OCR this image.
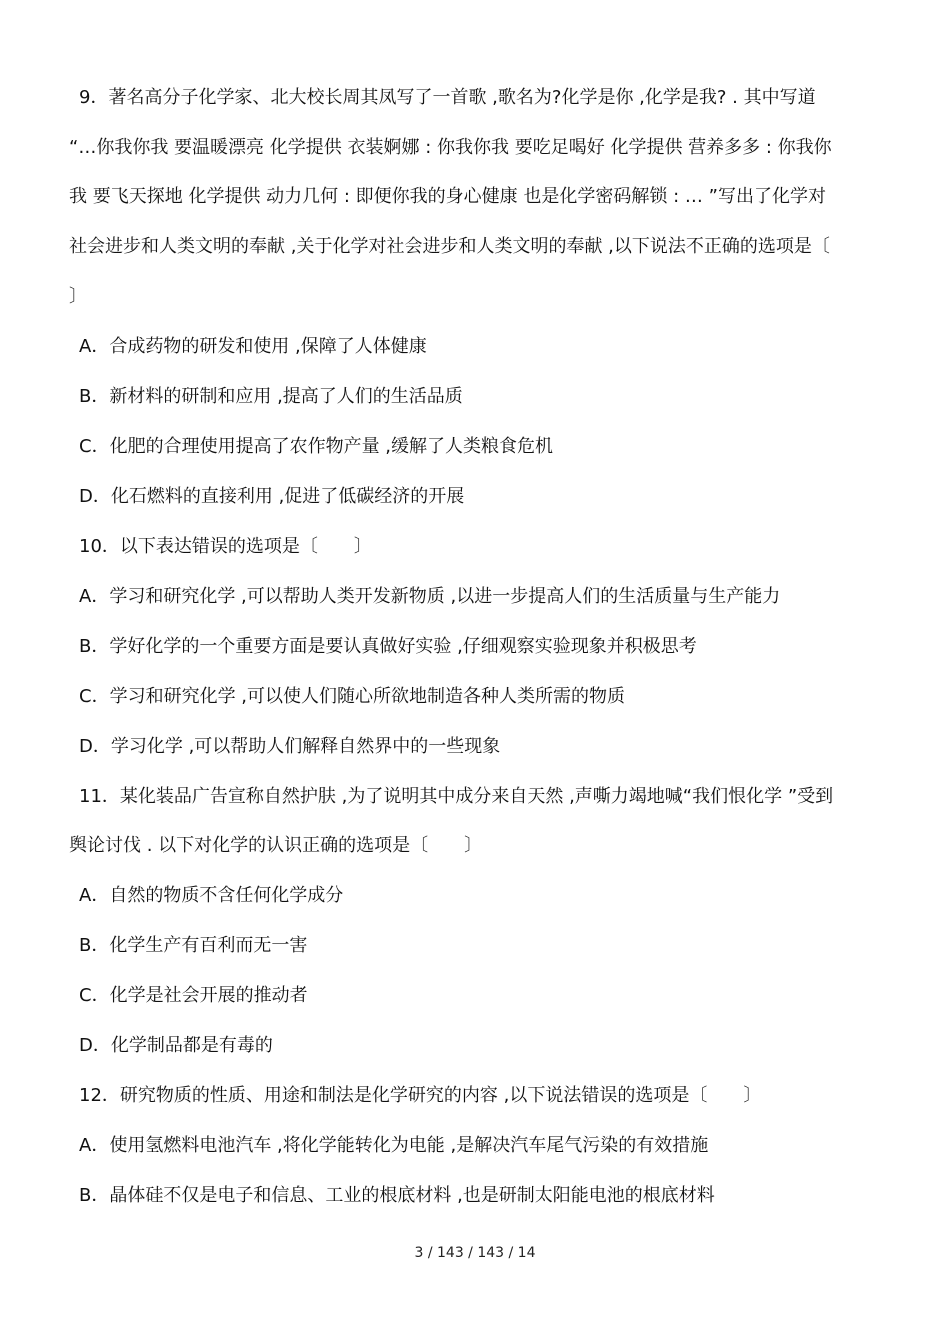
9．著名高分子化学家、北大校长周其凤写了一首歌 ,歌名为?化学是你 ,化学是我? . 其中写道
“…你我你我 要温暖漂亮 化学提供 衣装婀娜 : 你我你我 要吃足喝好 化学提供 营养多多 : 你我你
我 要飞天探地 化学提供 动力几何 : 即便你我的身心健康 也是化学密码解锁 : … ”写出了化学对
社会进步和人类文明的奉献 ,关于化学对社会进步和人类文明的奉献 ,以下说法不正确的选项是〔
〕
A．合成药物的研发和使用 ,保障了人体健康
B．新材料的研制和应用 ,提高了人们的生活品质
C．化肥的合理使用提高了农作物产量 ,缓解了人类粮食危机
D．化石燃料的直接利用 ,促进了低碳经济的开展
10．以下表达错误的选项是〔　　〕
A．学习和研究化学 ,可以帮助人类开发新物质 ,以进一步提高人们的生活质量与生产能力
B．学好化学的一个重要方面是要认真做好实验 ,仔细观察实验现象并积极思考
C．学习和研究化学 ,可以使人们随心所欲地制造各种人类所需的物质
D．学习化学 ,可以帮助人们解释自然界中的一些现象
11．某化装品广告宣称自然护肤 ,为了说明其中成分来自天然 ,声嘶力竭地喊“我们恨化学 ”受到
舆论讨伐 . 以下对化学的认识正确的选项是〔　　〕
A．自然的物质不含任何化学成分
B．化学生产有百利而无一害
C．化学是社会开展的推动者
D．化学制品都是有毒的
12．研究物质的性质、用途和制法是化学研究的内容 ,以下说法错误的选项是〔　　〕
A．使用氢燃料电池汽车 ,将化学能转化为电能 ,是解决汽车尾气污染的有效措施
B．晶体硅不仅是电子和信息、工业的根底材料 ,也是研制太阳能电池的根底材料
3 / 143 / 143 / 14
